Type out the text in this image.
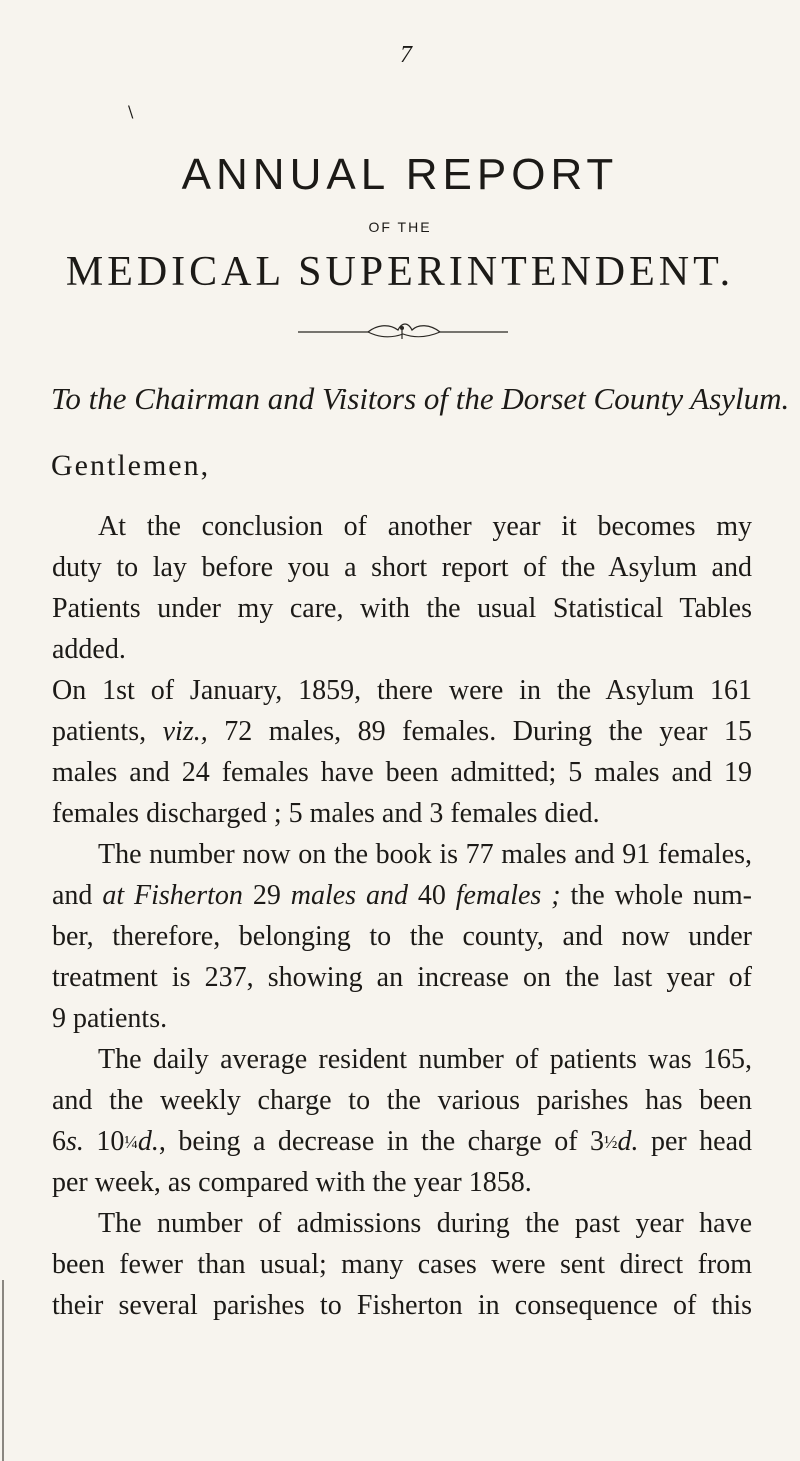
7
\
ANNUAL REPORT
OF THE
MEDICAL SUPERINTENDENT.
To the Chairman and Visitors of the Dorset County Asylum.
Gentlemen,
At the conclusion of another year it becomes my
duty to lay before you a short report of the Asylum and
Patients under my care, with the usual Statistical Tables
added.
On 1st of January, 1859, there were in the Asylum 161
patients, viz., 72 males, 89 females. During the year 15
males and 24 females have been admitted; 5 males and 19
females discharged ; 5 males and 3 females died.
The number now on the book is 77 males and 91 females,
and at Fisherton 29 males and 40 females ; the whole num-
ber, therefore, belonging to the county, and now under
treatment is 237, showing an increase on the last year of
9 patients.
The daily average resident number of patients was 165,
and the weekly charge to the various parishes has been
6s. 10¼d., being a decrease in the charge of 3½d. per head
per week, as compared with the year 1858.
The number of admissions during the past year have
been fewer than usual; many cases were sent direct from
their several parishes to Fisherton in consequence of this
